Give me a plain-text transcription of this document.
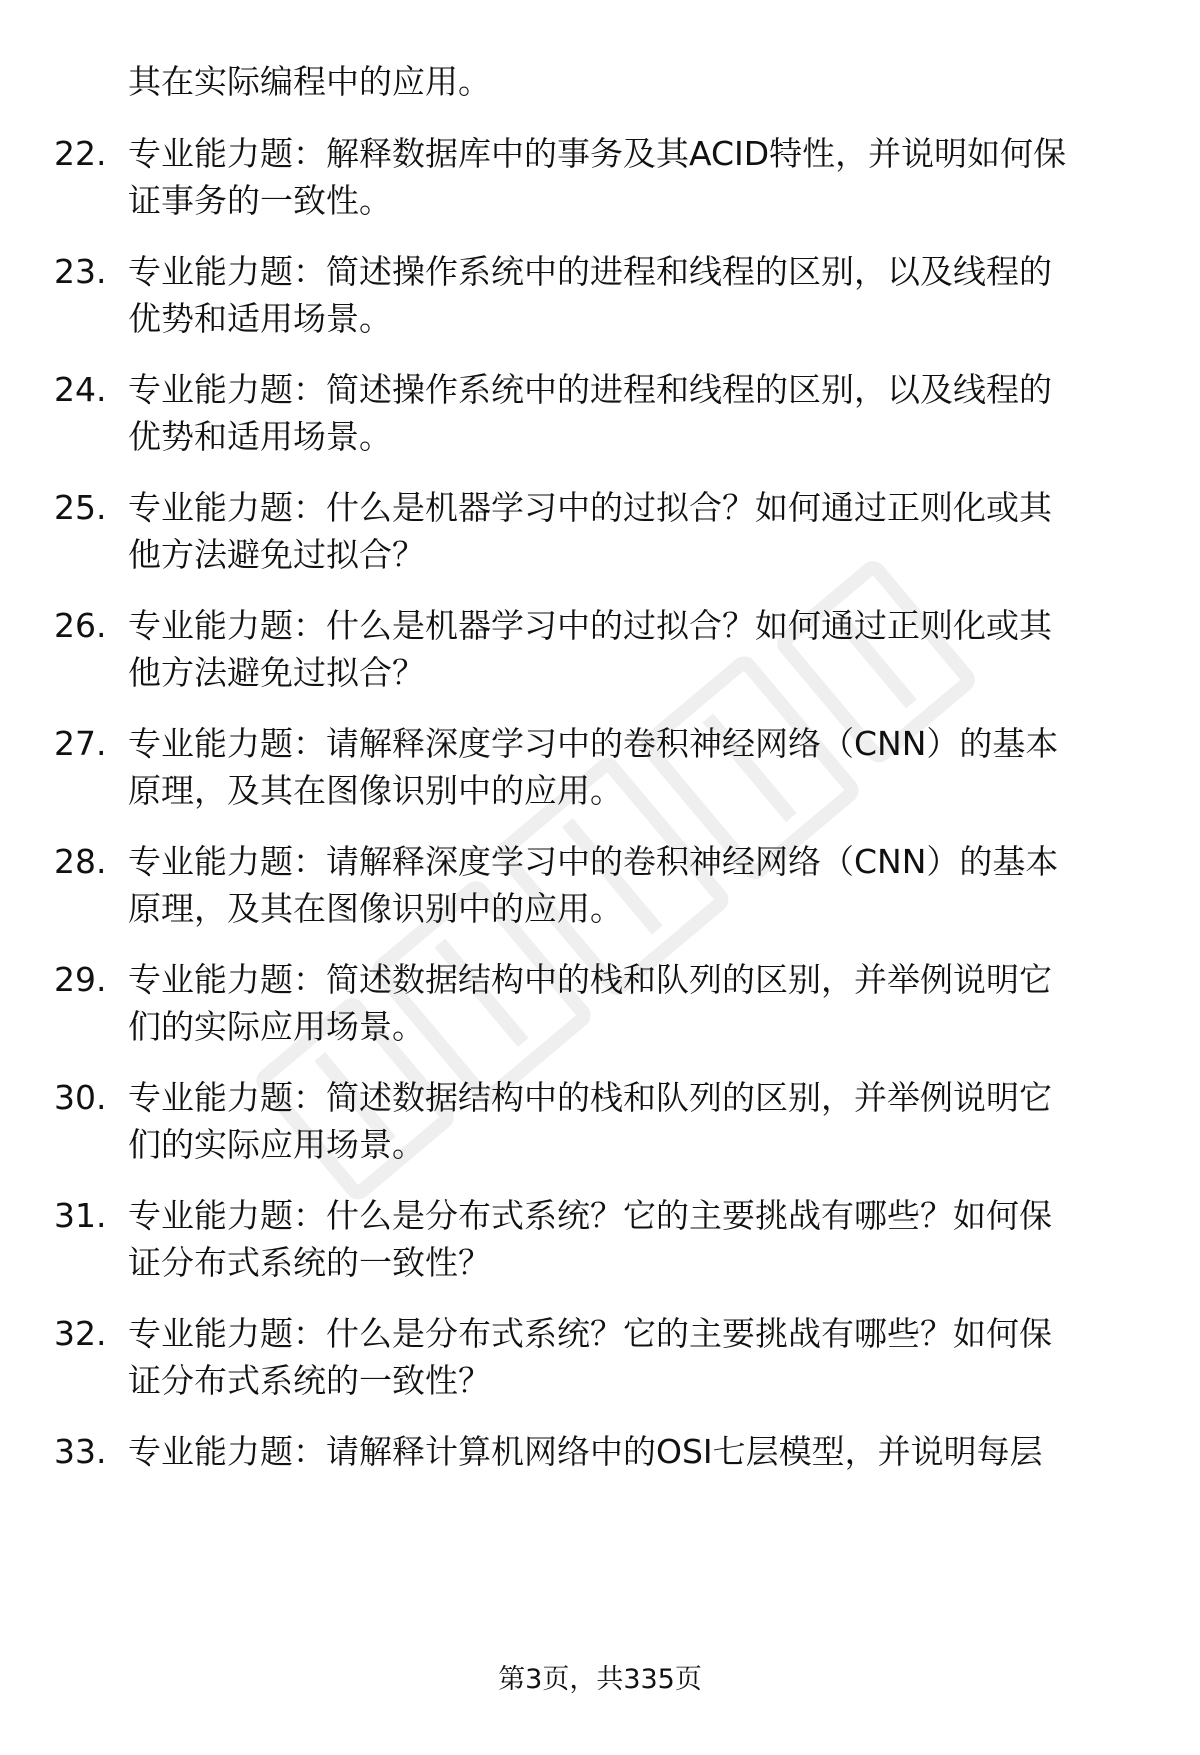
其在实际编程中的应用。
22. 专业能力题：解释数据库中的事务及其ACID特性，并说明如何保
证事务的一致性。
23. 专业能力题：简述操作系统中的进程和线程的区别，以及线程的
优势和适用场景。
24. 专业能力题：简述操作系统中的进程和线程的区别，以及线程的
优势和适用场景。
25. 专业能力题：什么是机器学习中的过拟合？如何通过正则化或其
他方法避免过拟合？
26. 专业能力题：什么是机器学习中的过拟合？如何通过正则化或其
他方法避免过拟合？
27. 专业能力题：请解释深度学习中的卷积神经网络（CNN）的基本
原理，及其在图像识别中的应用。
28. 专业能力题：请解释深度学习中的卷积神经网络（CNN）的基本
原理，及其在图像识别中的应用。
29. 专业能力题：简述数据结构中的栈和队列的区别，并举例说明它
们的实际应用场景。
30. 专业能力题：简述数据结构中的栈和队列的区别，并举例说明它
们的实际应用场景。
31. 专业能力题：什么是分布式系统？它的主要挑战有哪些？如何保
证分布式系统的一致性？
32. 专业能力题：什么是分布式系统？它的主要挑战有哪些？如何保
证分布式系统的一致性？
33. 专业能力题：请解释计算机网络中的OSI七层模型，并说明每层
第3页，共335页
